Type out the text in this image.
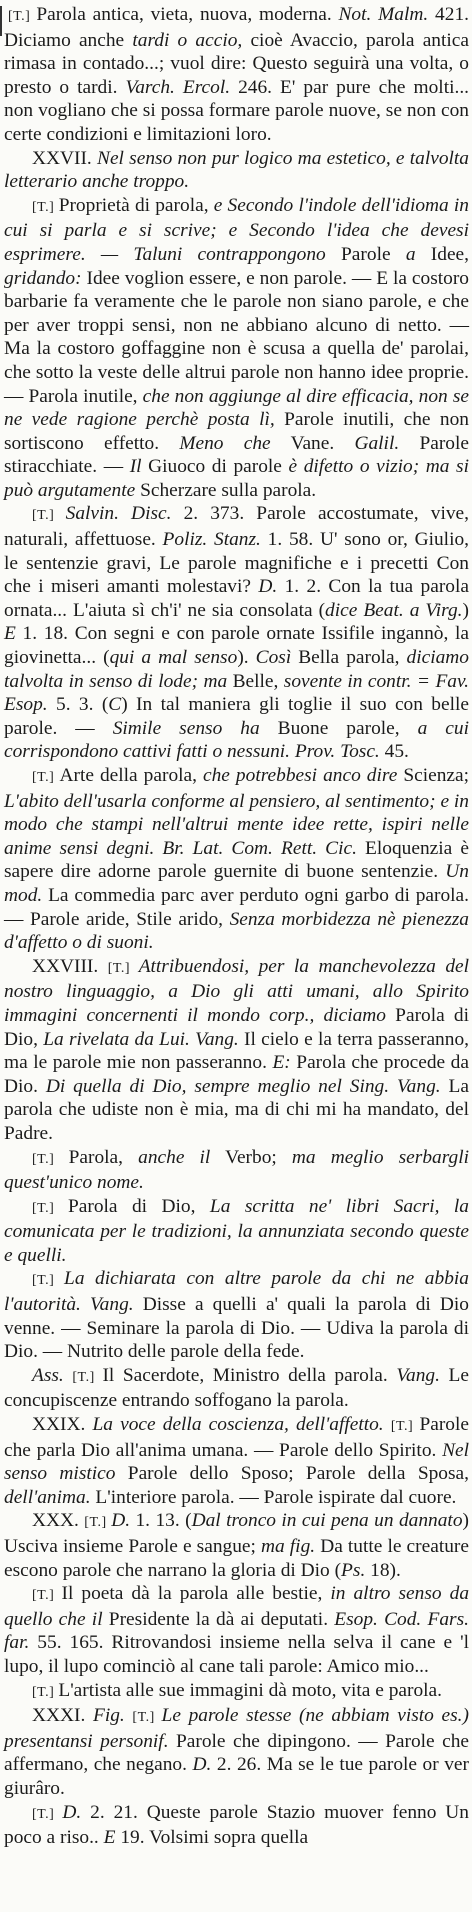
[T.] Parola antica, vieta, nuova, moderna. Not. Malm. 421. Diciamo anche tardi o accio, cioè Avaccio, parola antica rimasa in contado...; vuol dire: Questo seguirà una volta, o presto o tardi. Varch. Ercol. 246. E' par pure che molti... non vogliano che si possa formare parole nuove, se non con certe condizioni e limitazioni loro.

XXVII. Nel senso non pur logico ma estetico, e talvolta letterario anche troppo.

[T.] Proprietà di parola, e Secondo l'indole dell'idioma in cui si parla e si scrive; e Secondo l'idea che devesi esprimere. — Taluni contrappongono Parole a Idee, gridando: Idee voglion essere, e non parole. — E la costoro barbarie fa veramente che le parole non siano parole, e che per aver troppi sensi, non ne abbiano alcuno di netto. — Ma la costoro goffaggine non è scusa a quella de' parolai, che sotto la veste delle altrui parole non hanno idee proprie. — Parola inutile, che non aggiunge al dire efficacia, non se ne vede ragione perchè posta lì, Parole inutili, che non sortiscono effetto. Meno che Vane. Galil. Parole stiracchiate. — Il Giuoco di parole è difetto o vizio; ma si può argutamente Scherzare sulla parola.

[T.] Salvin. Disc. 2. 373. Parole accostumate, vive, naturali, affettuose. Poliz. Stanz. 1. 58. U' sono or, Giulio, le sentenzie gravi, Le parole magnifiche e i precetti Con che i miseri amanti molestavi? D. 1. 2. Con la tua parola ornata... L'aiuta sì ch'i' ne sia consolata (dice Beat. a Virg.) E 1. 18. Con segni e con parole ornate Issifile ingannò, la giovinetta... (qui a mal senso). Così Bella parola, diciamo talvolta in senso di lode; ma Belle, sovente in contr. = Fav. Esop. 5. 3. (C) In tal maniera gli toglie il suo con belle parole. — Simile senso ha Buone parole, a cui corrispondono cattivi fatti o nessuni. Prov. Tosc. 45.

[T.] Arte della parola, che potrebbesi anco dire Scienza; L'abito dell'usarla conforme al pensiero, al sentimento; e in modo che stampi nell'altrui mente idee rette, ispiri nelle anime sensi degni. Br. Lat. Com. Rett. Cic. Eloquenzia è sapere dire adorne parole guernite di buone sentenzie. Un mod. La commedia parc aver perduto ogni garbo di parola. — Parole aride, Stile arido, Senza morbidezza nè pienezza d'affetto o di suoni.

XXVIII. [T.] Attribuendosi, per la manchevolezza del nostro linguaggio, a Dio gli atti umani, allo Spirito immagini concernenti il mondo corp., diciamo Parola di Dio, La rivelata da Lui. Vang. Il cielo e la terra passeranno, ma le parole mie non passeranno. E: Parola che procede da Dio. Di quella di Dio, sempre meglio nel Sing. Vang. La parola che udiste non è mia, ma di chi mi ha mandato, del Padre.

[T.] Parola, anche il Verbo; ma meglio serbargli quest'unico nome.

[T.] Parola di Dio, La scritta ne' libri Sacri, la comunicata per le tradizioni, la annunziata secondo queste e quelli.

[T.] La dichiarata con altre parole da chi ne abbia l'autorità. Vang. Disse a quelli a' quali la parola di Dio venne. — Seminare la parola di Dio. — Udiva la parola di Dio. — Nutrito delle parole della fede.

Ass. [T.] Il Sacerdote, Ministro della parola. Vang. Le concupiscenze entrando soffogano la parola.

XXIX. La voce della coscienza, dell'affetto. [T.] Parole che parla Dio all'anima umana. — Parole dello Spirito. Nel senso mistico Parole dello Sposo; Parole della Sposa, dell'anima. L'interiore parola. — Parole ispirate dal cuore.

XXX. [T.] D. 1. 13. (Dal tronco in cui pena un dannato) Usciva insieme Parole e sangue; ma fig. Da tutte le creature escono parole che narrano la gloria di Dio (Ps. 18).

[T.] Il poeta dà la parola alle bestie, in altro senso da quello che il Presidente la dà ai deputati. Esop. Cod. Fars. far. 55. 165. Ritrovandosi insieme nella selva il cane e 'l lupo, il lupo cominciò al cane tali parole: Amico mio...

[T.] L'artista alle sue immagini dà moto, vita e parola.

XXXI. Fig. [T.] Le parole stesse (ne abbiam visto es.) presentansi personif. Parole che dipingono. — Parole che affermano, che negano. D. 2. 26. Ma se le tue parole or ver giurâro.

[T.] D. 2. 21. Queste parole Stazio muover fenno Un poco a riso.. E 19. Volsimi sopra quella
